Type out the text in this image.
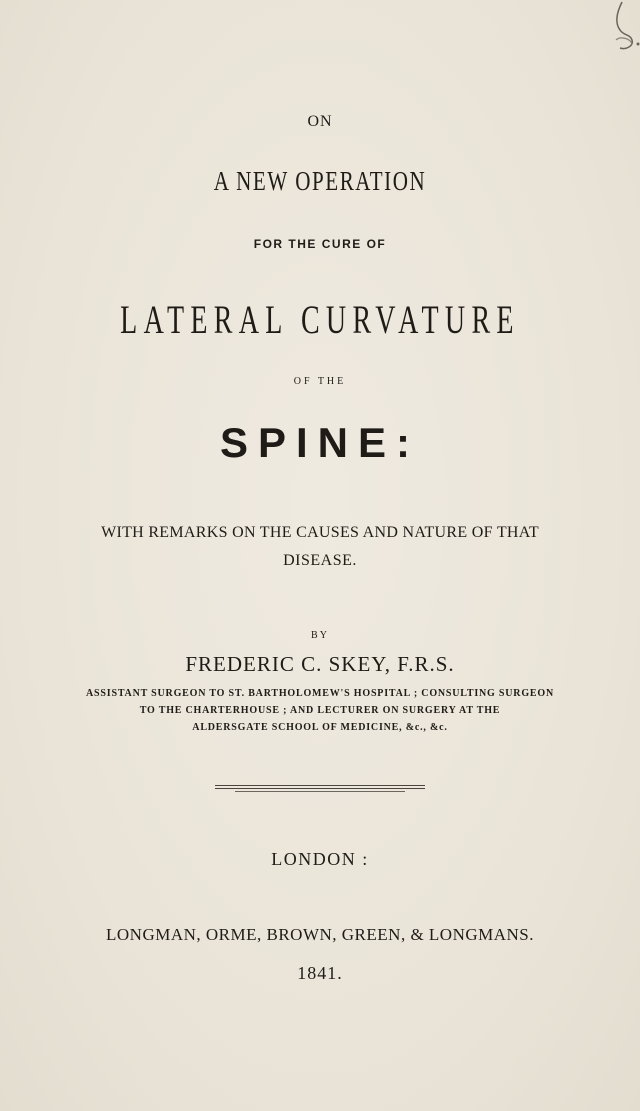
ON
A NEW OPERATION
FOR THE CURE OF
LATERAL CURVATURE
OF THE
SPINE:
WITH REMARKS ON THE CAUSES AND NATURE OF THAT
DISEASE.
BY
FREDERIC C. SKEY, F.R.S.
ASSISTANT SURGEON TO ST. BARTHOLOMEW'S HOSPITAL ; CONSULTING SURGEON
TO THE CHARTERHOUSE ; AND LECTURER ON SURGERY AT THE
ALDERSGATE SCHOOL OF MEDICINE, &c., &c.
LONDON :
LONGMAN, ORME, BROWN, GREEN, & LONGMANS.
1841.
